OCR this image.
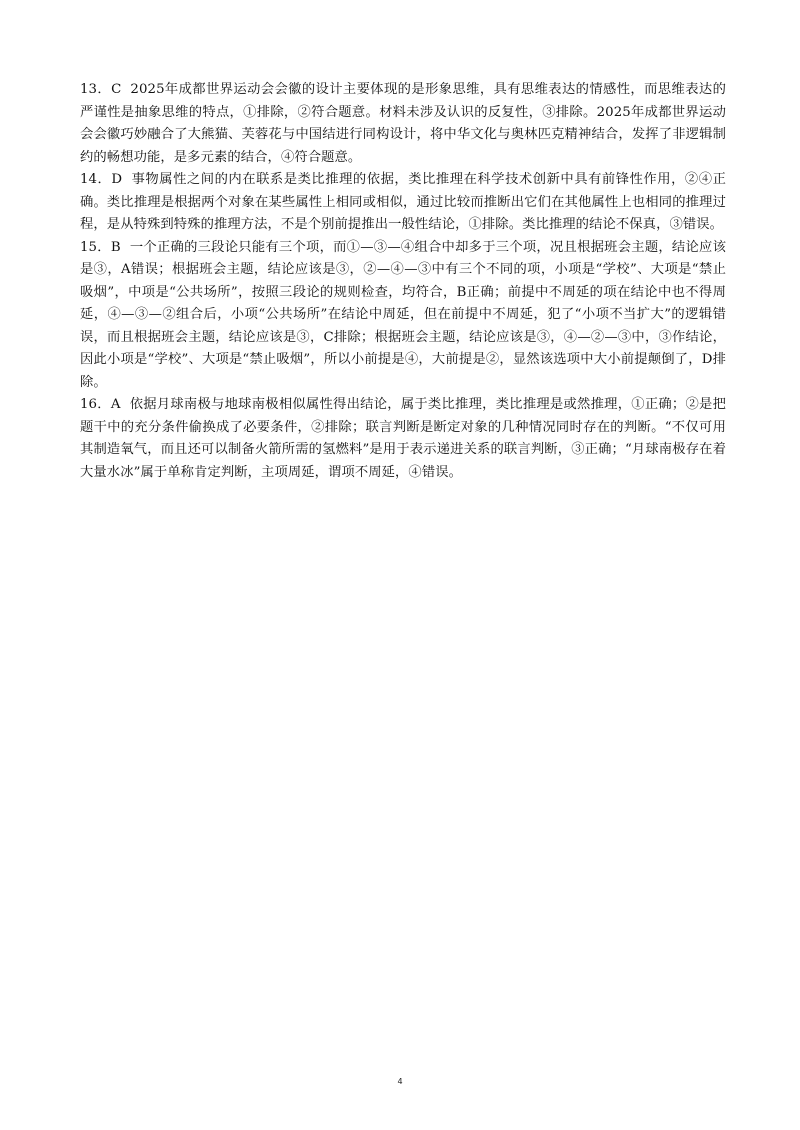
13．C 2025年成都世界运动会会徽的设计主要体现的是形象思维，具有思维表达的情感性，而思维表达的严谨性是抽象思维的特点，①排除，②符合题意。材料未涉及认识的反复性，③排除。2025年成都世界运动会会徽巧妙融合了大熊猫、芙蓉花与中国结进行同构设计，将中华文化与奥林匹克精神结合，发挥了非逻辑制约的畅想功能，是多元素的结合，④符合题意。

14．D 事物属性之间的内在联系是类比推理的依据，类比推理在科学技术创新中具有前锋性作用，②④正确。类比推理是根据两个对象在某些属性上相同或相似，通过比较而推断出它们在其他属性上也相同的推理过程，是从特殊到特殊的推理方法，不是个别前提推出一般性结论，①排除。类比推理的结论不保真，③错误。

15．B 一个正确的三段论只能有三个项，而①—③—④组合中却多于三个项，况且根据班会主题，结论应该是③，A错误；根据班会主题，结论应该是③，②—④—③中有三个不同的项，小项是“学校”、大项是“禁止吸烟”，中项是“公共场所”，按照三段论的规则检查，均符合，B正确；前提中不周延的项在结论中也不得周延，④—③—②组合后，小项“公共场所”在结论中周延，但在前提中不周延，犯了“小项不当扩大”的逻辑错误，而且根据班会主题，结论应该是③，C排除；根据班会主题，结论应该是③，④—②—③中，③作结论，因此小项是“学校”、大项是“禁止吸烟”，所以小前提是④，大前提是②，显然该选项中大小前提颠倒了，D排除。

16．A 依据月球南极与地球南极相似属性得出结论，属于类比推理，类比推理是或然推理，①正确；②是把题干中的充分条件偷换成了必要条件，②排除；联言判断是断定对象的几种情况同时存在的判断。“不仅可用其制造氧气，而且还可以制备火箭所需的氢燃料”是用于表示递进关系的联言判断，③正确；“月球南极存在着大量水冰”属于单称肯定判断，主项周延，谓项不周延，④错误。

4
